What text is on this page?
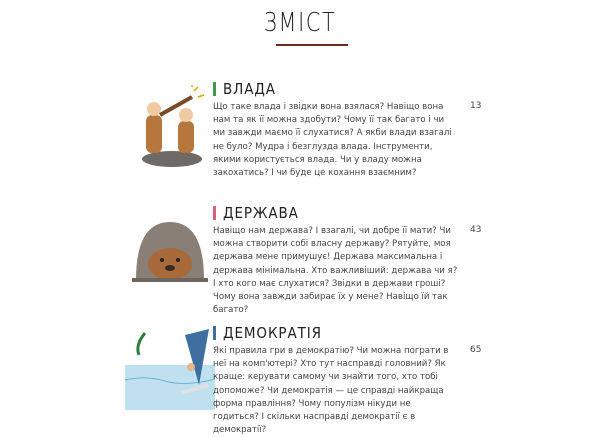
ЗМІСТ
ВЛАДА
Що таке влада і звідки вона взялася? Навіщо вона нам та як її можна здобути? Чому її так багато і чи ми завжди маємо її слухатися? А якби влади взагалі не було? Мудра і безглузда влада. Інструменти, якими користується влада. Чи у владу можна закохатись? І чи буде це кохання взаємним?
13
ДЕРЖАВА
Навіщо нам держава? І взагалі, чи добре її мати? Чи можна створити собі власну державу? Рятуйте, моя держава мене примушує! Держава максимальна і держава мінімальна. Хто важливіший: держава чи я? І хто кого має слухатися? Звідки в держави гроші? Чому вона завжди забирає їх у мене? Навіщо їй так багато?
43
ДЕМОКРАТІЯ
Які правила гри в демократію? Чи можна пограти в неї на комп'ютері? Хто тут насправді головний? Як краще: керувати самому чи знайти того, хто тобі допоможе? Чи демократія — це справді найкраща форма правління? Чому популізм нікуди не годиться? І скільки насправді демократії є в демократії?
65
